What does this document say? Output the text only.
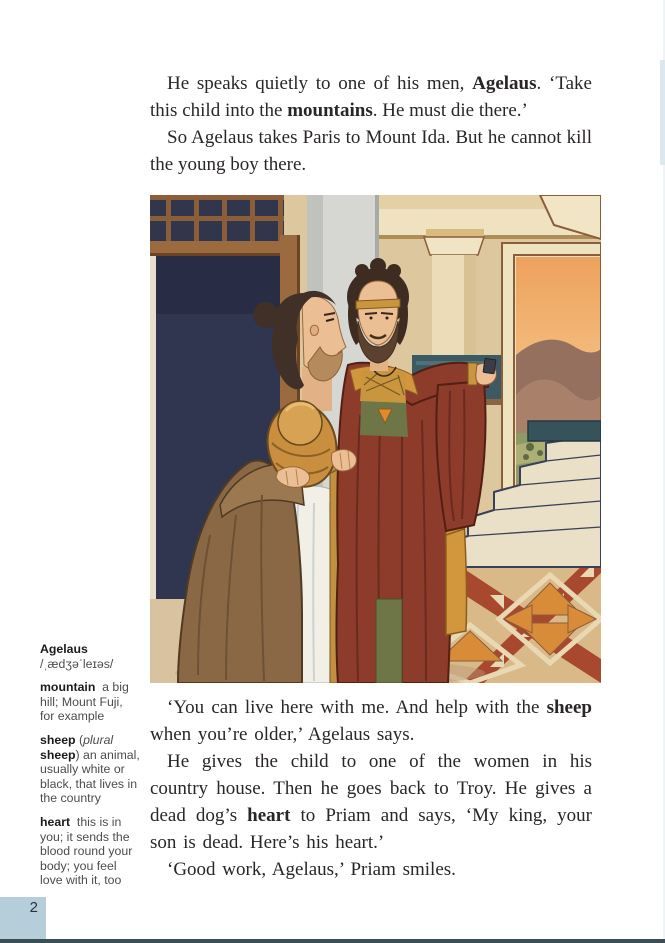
He speaks quietly to one of his men, Agelaus. ‘Take this child into the mountains. He must die there.’

So Agelaus takes Paris to Mount Ida. But he cannot kill the young boy there.

‘You can live here with me. And help with the sheep when you’re older,’ Agelaus says.

He gives the child to one of the women in his country house. Then he goes back to Troy. He gives a dead dog’s heart to Priam and says, ‘My king, your son is dead. Here’s his heart.’

‘Good work, Agelaus,’ Priam smiles.

Agelaus
/ˌædʒəˈleɪəs/
mountain  a big hill; Mount Fuji, for example
sheep (plural sheep) an animal, usually white or black, that lives in the country
heart  this is in you; it sends the blood round your body; you feel love with it, too
2
